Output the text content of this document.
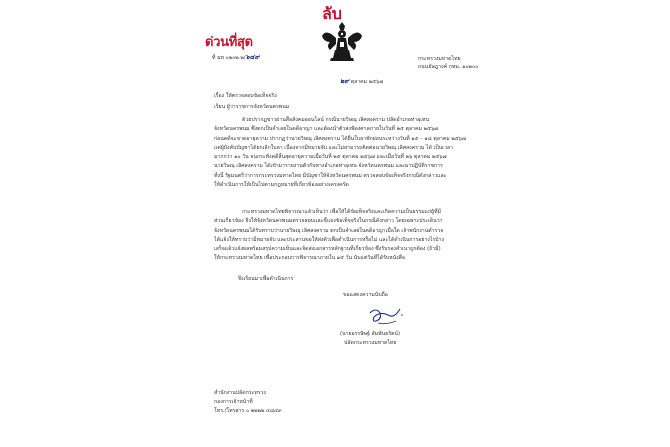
ลับ
ด่วนที่สุด
ที่ มท ๐๒๐๒.๒/๖๔๙	กระทรวงมหาดไทย
ถนนอัษฎางค์ กทม. ๑๐๒๐๐
๒๙ ตุลาคม ๒๕๖๗
เรื่อง ให้ตรวจสอบข้อเท็จจริง
เรียน ผู้ว่าราชการจังหวัดนครพนม
ด้วยปรากฏข่าวผ่านสื่อสังคมออนไลน์ กรณีนายวิษณุ เลิศสงคราม ปลัดอำเภอท่าอุเทน
จังหวัดนครพนม ซึ่งตกเป็นจำเลยในคดีอาญา และต้องนำตัวส่งฟ้องศาลภายในวันที่ ๒๕ ตุลาคม ๒๕๖๗
ก่อนคดีจะขาดอายุความ ปรากฏว่านายวิษณุ เลิศสงคราม ได้ยื่นใบลาพักผ่อนระหว่างวันที่ ๑๕ – ๑๘ ตุลาคม ๒๕๖๗
แต่ผู้บังคับบัญชาได้ยกเลิกใบลา เนื่องจากมีหมายจับ และไม่สามารถติดต่อนายวิษณุ เลิศสงคราม ได้ เป็นเวลา
มากกว่า ๑๐ วัน จนกระทั่งคดีสิ้นสุดอายุความเมื่อวันที่ ๒๕ ตุลาคม ๒๕๖๗ และเมื่อวันที่ ๒๖ ตุลาคม ๒๕๖๗
นายวิษณุ เลิศสงคราม ได้เข้ามารายงานตัวกับทางอำเภอท่าอุเทน จังหวัดนครพนม และมาปฏิบัติราชการ
ทั้งนี้ รัฐมนตรีว่าการกระทรวงมหาดไทย มีบัญชาให้จังหวัดนครพนม ตรวจสอบข้อเท็จจริงกรณีดังกล่าวและ
ให้ดำเนินการให้เป็นไปตามกฎหมายที่เกี่ยวข้องอย่างเคร่งครัด
กระทรวงมหาดไทยพิจารณาแล้วเห็นว่า เพื่อให้ได้ข้อเท็จจริงและเกิดความเป็นธรรมแก่ผู้ที่มี
ส่วนเกี่ยวข้อง จึงให้จังหวัดนครพนมตรวจสอบและชี้แจงข้อเท็จจริงในกรณีดังกล่าว โดยเฉพาะประเด็นว่า
จังหวัดนครพนมได้รับทราบว่านายวิษณุ เลิศสงคราม ตกเป็นจำเลยในคดีอาญาเมื่อใด เจ้าพนักงานตำรวจ
ได้แจ้งให้ทราบว่ามีหมายจับ และประสานขอให้ส่งตัวเพื่อดำเนินการหรือไม่ และได้ดำเนินการอย่างไรบ้าง
เสร็จแล้วแจ้งผลพร้อมสรุปความเห็นและจัดส่งเอกสารหลักฐานที่เกี่ยวข้อง ซึ่งรับรองสำเนาถูกต้อง (ถ้ามี)
ให้กระทรวงมหาดไทย เพื่อประกอบการพิจารณาภายใน ๑๕ วัน นับแต่วันที่ได้รับหนังสือ
จึงเรียนมาเพื่อดำเนินการ
ขอแสดงความนับถือ
(นายอรรษิษฐ์ สัมพันธรัตน์)
ปลัดกระทรวงมหาดไทย
สำนักงานปลัดกระทรวง
กองการเจ้าหน้าที่
โทร./โทรสาร ๐ ๒๒๒๒ ๔๘๔๙
